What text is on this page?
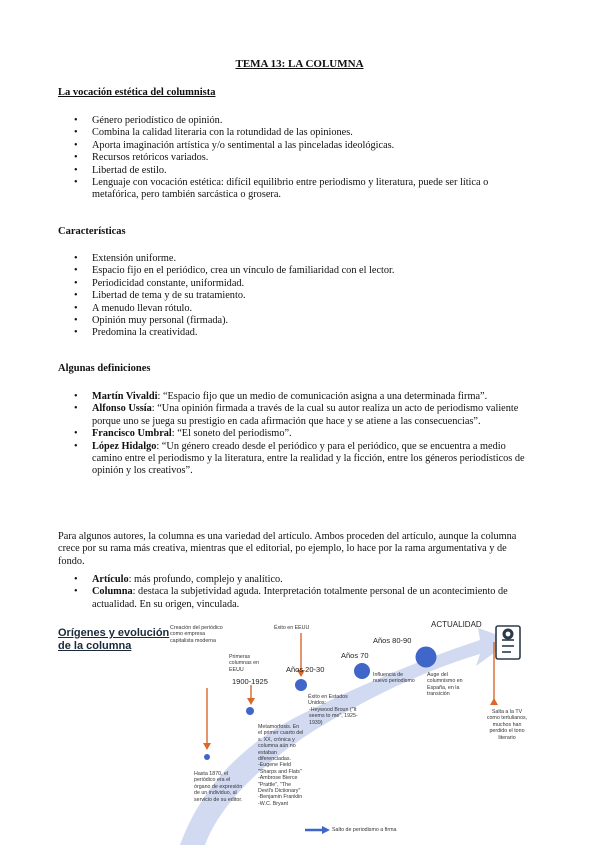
TEMA 13: LA COLUMNA
La vocación estética del columnista
• Género periodístico de opinión.
• Combina la calidad literaria con la rotundidad de las opiniones.
• Aporta imaginación artística y/o sentimental a las pinceladas ideológicas.
• Recursos retóricos variados.
• Libertad de estilo.
• Lenguaje con vocación estética: difícil equilibrio entre periodismo y literatura, puede ser lítica o metafórica, pero también sarcástica o grosera.
Características
• Extensión uniforme.
• Espacio fijo en el periódico, crea un vínculo de familiaridad con el lector.
• Periodicidad constante, uniformidad.
• Libertad de tema y de su tratamiento.
• A menudo llevan rótulo.
• Opinión muy personal (firmada).
• Predomina la creatividad.
Algunas definiciones
• Martín Vivaldi: “Espacio fijo que un medio de comunicación asigna a una determinada firma”.
• Alfonso Ussía: “Una opinión firmada a través de la cual su autor realiza un acto de periodismo valiente porque uno se juega su prestigio en cada afirmación que hace y se atiene a las consecuencias”.
• Francisco Umbral: “El soneto del periodismo”.
• López Hidalgo: “Un género creado desde el periódico y para el periódico, que se encuentra a medio camino entre el periodismo y la literatura, entre la realidad y la ficción, entre los géneros periodísticos de opinión y los creativos”.
Para algunos autores, la columna es una variedad del artículo. Ambos proceden del artículo, aunque la columna crece por su rama más creativa, mientras que el editorial, po ejemplo, lo hace por la rama argumentativa y de fondo.
• Artículo: más profundo, complejo y analítico.
• Columna: destaca la subjetividad aguda. Interpretación totalmente personal de un acontecimiento de actualidad. En su origen, vinculada.
Orígenes y evolución
de la columna
ACTUALIDAD
Años 80-90
Años 70
Años 20-30
1900-1925
Creación del periódico como empresa capitalista moderna
Primeras columnas en EEUU
Éxito en EEUU
Éxito en Estados Unidos:
-Heywood Broun ("It seems to me", 1925-1939)
Influencia de nuevo periodismo
Auge del columnismo en España, en la transición
Salta a la TV como tertulianos, muchos han perdido el tono literario
Metamorfosis. En el primer cuarto del s. XX, crónica y columna aún no estaban diferenciadas.
-Eugene Field "Sharps and Flats"
-Ambrose Bierce "Prattle", "The Devil's Dictionary"
-Benjamin Franklin
-W.C. Bryant
Hasta 1870, el periódico era el órgano de expresión de un individuo, al servicio de su editor.
Salto de periodismo a firma
